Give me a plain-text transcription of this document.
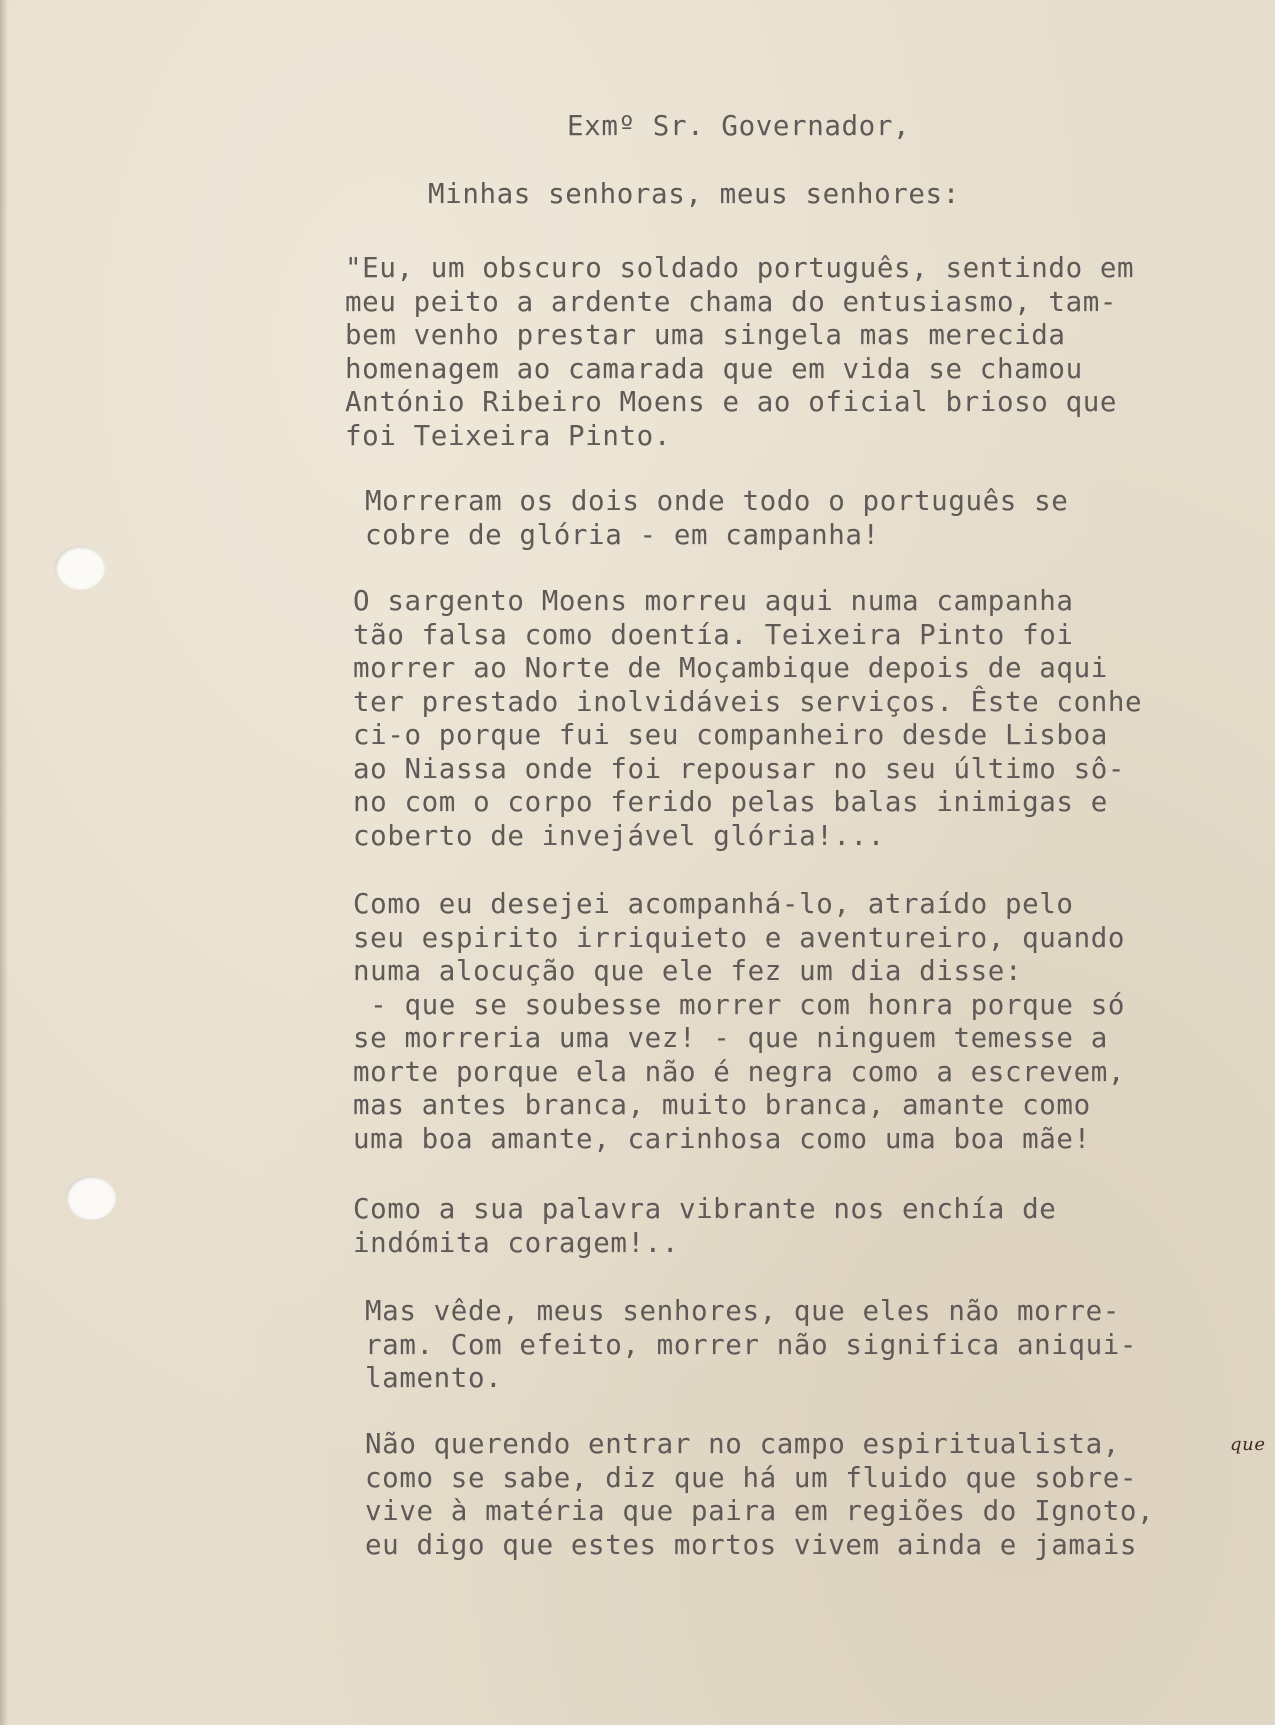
Exmº Sr. Governador,
Minhas senhoras, meus senhores:
"Eu, um obscuro soldado português, sentindo em
meu peito a ardente chama do entusiasmo, tam-
bem venho prestar uma singela mas merecida
homenagem ao camarada que em vida se chamou
António Ribeiro Moens e ao oficial brioso que
foi Teixeira Pinto.
Morreram os dois onde todo o português se
cobre de glória - em campanha!
O sargento Moens morreu aqui numa campanha
tão falsa como doentía. Teixeira Pinto foi
morrer ao Norte de Moçambique depois de aqui
ter prestado inolvidáveis serviços. Êste conhe
ci-o porque fui seu companheiro desde Lisboa
ao Niassa onde foi repousar no seu último sô-
no com o corpo ferido pelas balas inimigas e
coberto de invejável glória!...
Como eu desejei acompanhá-lo, atraído pelo
seu espirito irriquieto e aventureiro, quando
numa alocução que ele fez um dia disse:
- que se soubesse morrer com honra porque só
se morreria uma vez! - que ninguem temesse a
morte porque ela não é negra como a escrevem,
mas antes branca, muito branca, amante como
uma boa amante, carinhosa como uma boa mãe!
Como a sua palavra vibrante nos enchía de
indómita coragem!..
Mas vêde, meus senhores, que eles não morre-
ram. Com efeito, morrer não significa aniqui-
lamento.
Não querendo entrar no campo espiritualista,
como se sabe, diz que há um fluido que sobre-
vive à matéria que paira em regiões do Ignoto,
eu digo que estes mortos vivem ainda e jamais
que
